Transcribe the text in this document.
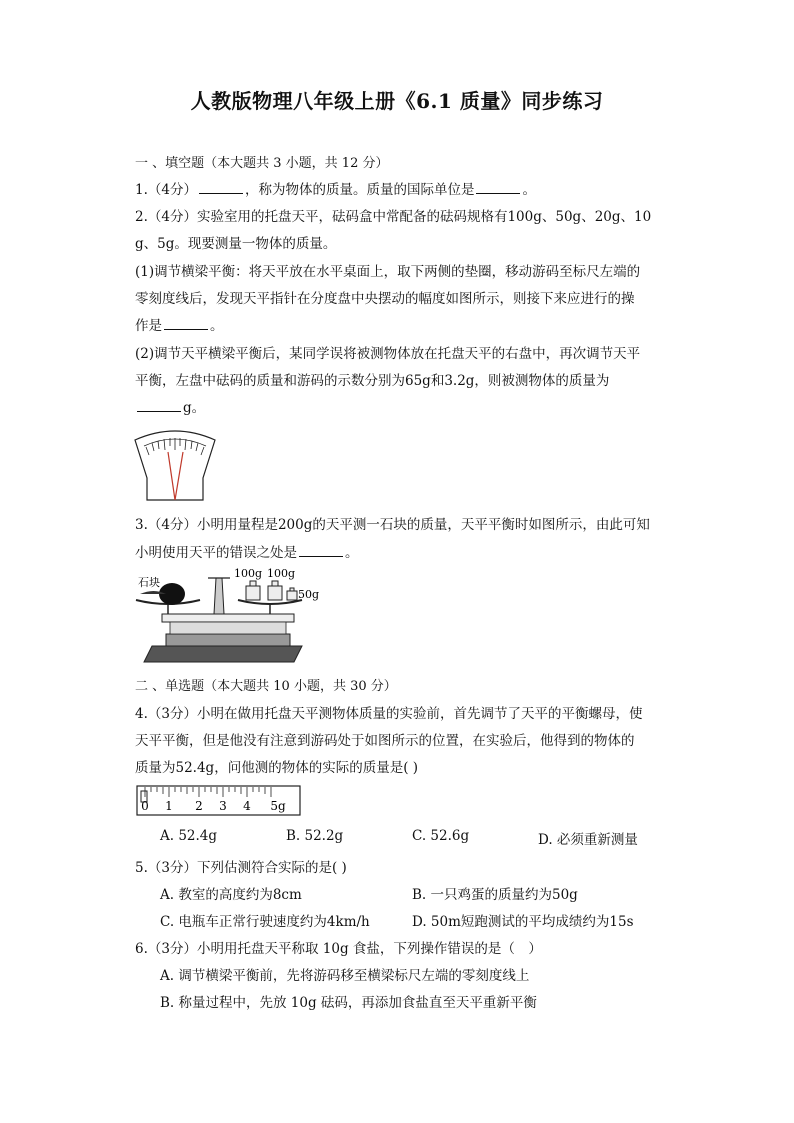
人教版物理八年级上册《6.1 质量》同步练习
一 、填空题（本大题共 3 小题，共 12 分）
1.（4分）	，称为物体的质量。质量的国际单位是	。
2.（4分）实验室用的托盘天平，砝码盒中常配备的砝码规格有100g、50g、20g、10
g、5g。现要测量一物体的质量。
(1)调节横梁平衡：将天平放在水平桌面上，取下两侧的垫圈，移动游码至标尺左端的
零刻度线后，发现天平指针在分度盘中央摆动的幅度如图所示，则接下来应进行的操
作是	。
(2)调节天平横梁平衡后，某同学误将被测物体放在托盘天平的右盘中，再次调节天平
平衡，左盘中砝码的质量和游码的示数分别为65g和3.2g，则被测物体的质量为
g。
3.（4分）小明用量程是200g的天平测一石块的质量，天平平衡时如图所示，由此可知
小明使用天平的错误之处是	。
石块
100g 100g
50g
二 、单选题（本大题共 10 小题，共 30 分）
4.（3分）小明在做用托盘天平测物体质量的实验前，首先调节了天平的平衡螺母，使
天平平衡，但是他没有注意到游码处于如图所示的位置，在实验后，他得到的物体的
质量为52.4g，问他测的物体的实际的质量是( )
0 1 2 3 4 5g
A. 52.4g	B. 52.2g	C. 52.6g	D. 必须重新测量
5.（3分）下列估测符合实际的是( )
A. 教室的高度约为8cm	B. 一只鸡蛋的质量约为50g
C. 电瓶车正常行驶速度约为4km/h	D. 50m短跑测试的平均成绩约为15s
6.（3分）小明用托盘天平称取 10g 食盐，下列操作错误的是（　）
A. 调节横梁平衡前，先将游码移至横梁标尺左端的零刻度线上
B. 称量过程中，先放 10g 砝码，再添加食盐直至天平重新平衡
